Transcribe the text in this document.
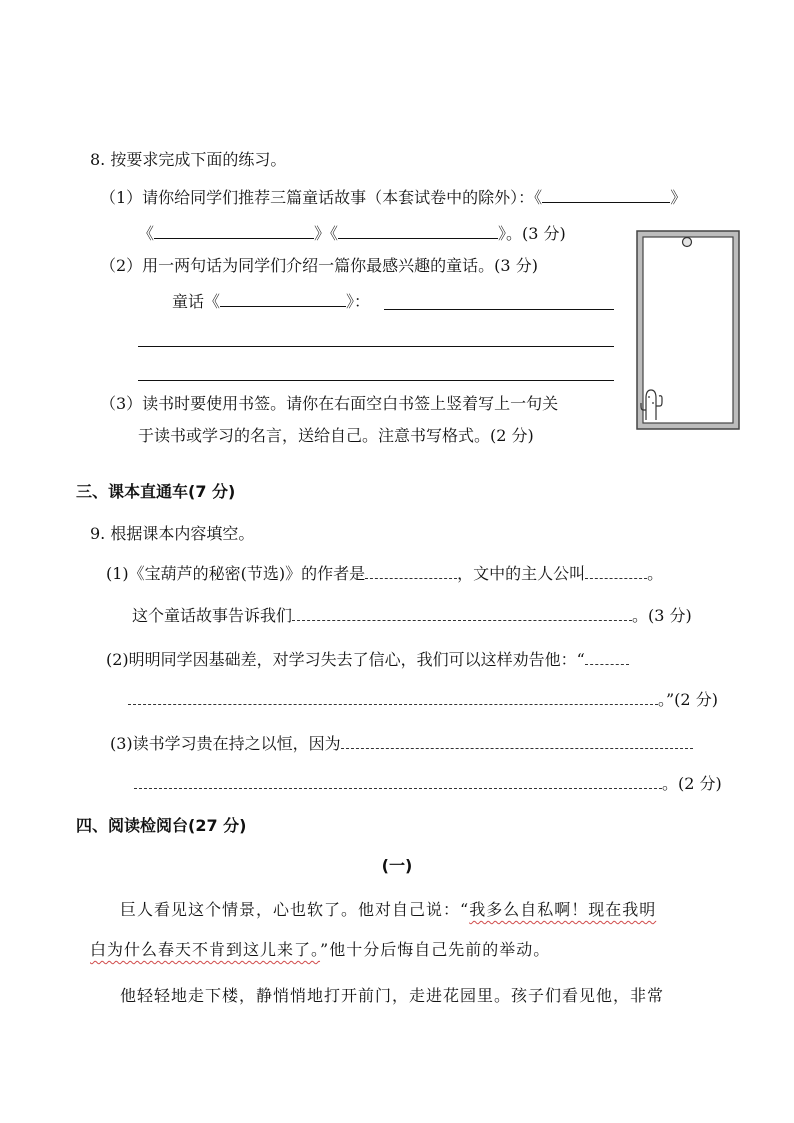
8. 按要求完成下面的练习。
（1）请你给同学们推荐三篇童话故事（本套试卷中的除外）：《	》
《	》《	》。(3 分)
（2）用一两句话为同学们介绍一篇你最感兴趣的童话。(3 分)
童话《	》：
（3）读书时要使用书签。请你在右面空白书签上竖着写上一句关
于读书或学习的名言，送给自己。注意书写格式。(2 分)
三、课本直通车(7 分)
9. 根据课本内容填空。
(1)《宝葫芦的秘密(节选)》的作者是	，文中的主人公叫	。
这个童话故事告诉我们	。(3 分)
(2)明明同学因基础差，对学习失去了信心，我们可以这样劝告他：“
。”(2 分)
(3)读书学习贵在持之以恒，因为
。(2 分)
四、阅读检阅台(27 分)
(一)
巨人看见这个情景，心也软了。他对自己说：“我多么自私啊！现在我明
白为什么春天不肯到这儿来了。”他十分后悔自己先前的举动。
他轻轻地走下楼，静悄悄地打开前门，走进花园里。孩子们看见他，非常
